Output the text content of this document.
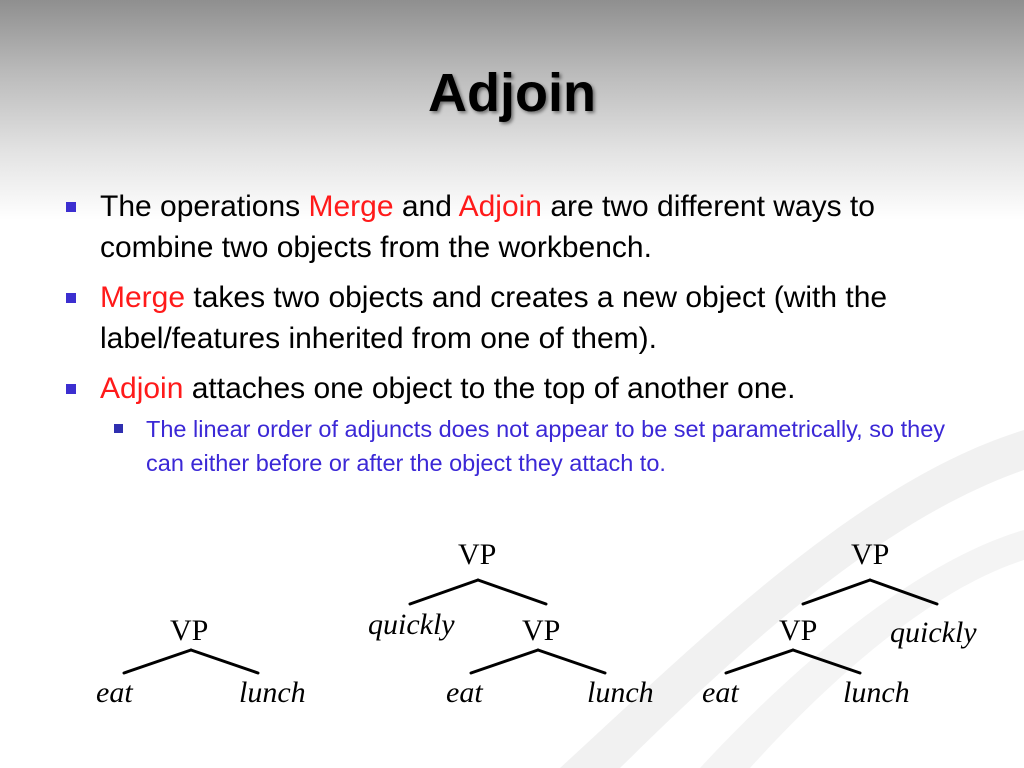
Adjoin
The operations Merge and Adjoin are two different ways to combine two objects from the workbench.
Merge takes two objects and creates a new object (with the label/features inherited from one of them).
Adjoin attaches one object to the top of another one.
The linear order of adjuncts does not appear to be set parametrically, so they can either before or after the object they attach to.
VP
eat	lunch
VP
quickly VP
eat	lunch
VP
VP quickly
eat	lunch
